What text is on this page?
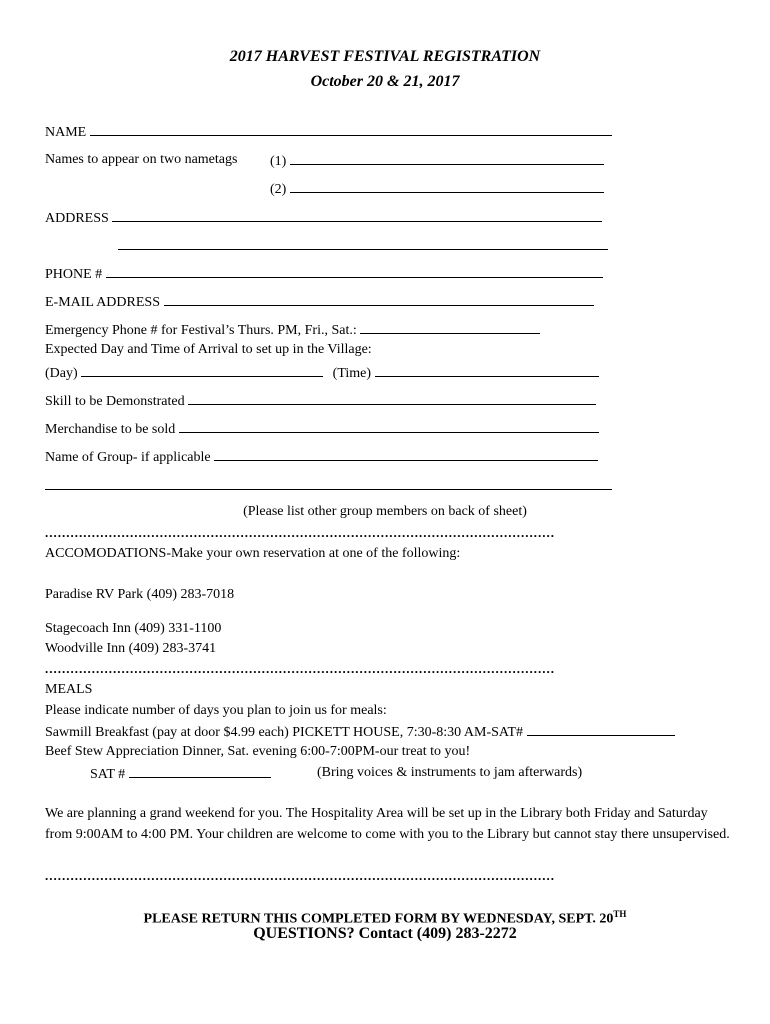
2017 HARVEST FESTIVAL REGISTRATION
October 20 & 21, 2017
NAME
Names to appear on two nametags (1)
(2)
ADDRESS
PHONE #
E-MAIL ADDRESS
Emergency Phone # for Festival’s Thurs. PM, Fri., Sat.:
Expected Day and Time of Arrival to set up in the Village:
(Day)	(Time)
Skill to be Demonstrated
Merchandise to be sold
Name of Group- if applicable
(Please list other group members on back of sheet)
........................................................................................................................
ACCOMODATIONS-Make your own reservation at one of the following:
Paradise RV Park (409) 283-7018
Stagecoach Inn (409) 331-1100
Woodville Inn (409) 283-3741
........................................................................................................................
MEALS
Please indicate number of days you plan to join us for meals:
Sawmill Breakfast (pay at door $4.99 each) PICKETT HOUSE, 7:30-8:30 AM-SAT#
Beef Stew Appreciation Dinner, Sat. evening 6:00-7:00PM-our treat to you!
SAT #	(Bring voices & instruments to jam afterwards)
We are planning a grand weekend for you. The Hospitality Area will be set up in the Library both Friday and Saturday from 9:00AM to 4:00 PM. Your children are welcome to come with you to the Library but cannot stay there unsupervised.
........................................................................................................................
PLEASE RETURN THIS COMPLETED FORM BY WEDNESDAY, SEPT. 20TH
QUESTIONS? Contact (409) 283-2272
